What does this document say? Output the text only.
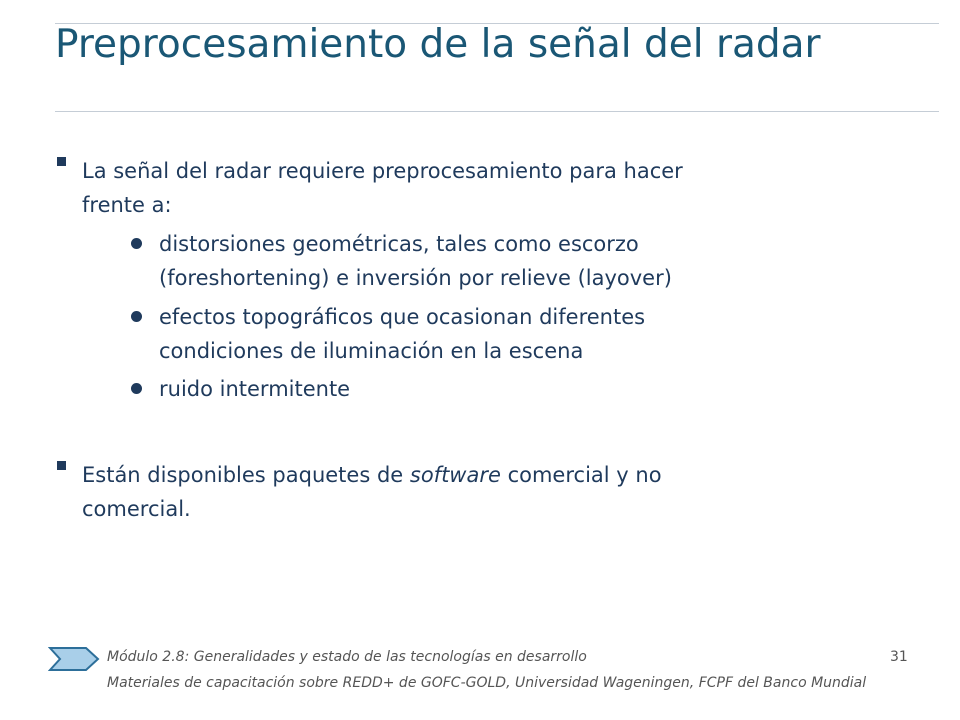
Preprocesamiento de la señal del radar
La señal del radar requiere preprocesamiento para hacer
frente a:
distorsiones geométricas, tales como escorzo
(foreshortening) e inversión por relieve (layover)
efectos topográficos que ocasionan diferentes
condiciones de iluminación en la escena
ruido intermitente
Están disponibles paquetes de software comercial y no
comercial.
Módulo 2.8: Generalidades y estado de las tecnologías en desarrollo	31
Materiales de capacitación sobre REDD+ de GOFC-GOLD, Universidad Wageningen, FCPF del Banco Mundial
